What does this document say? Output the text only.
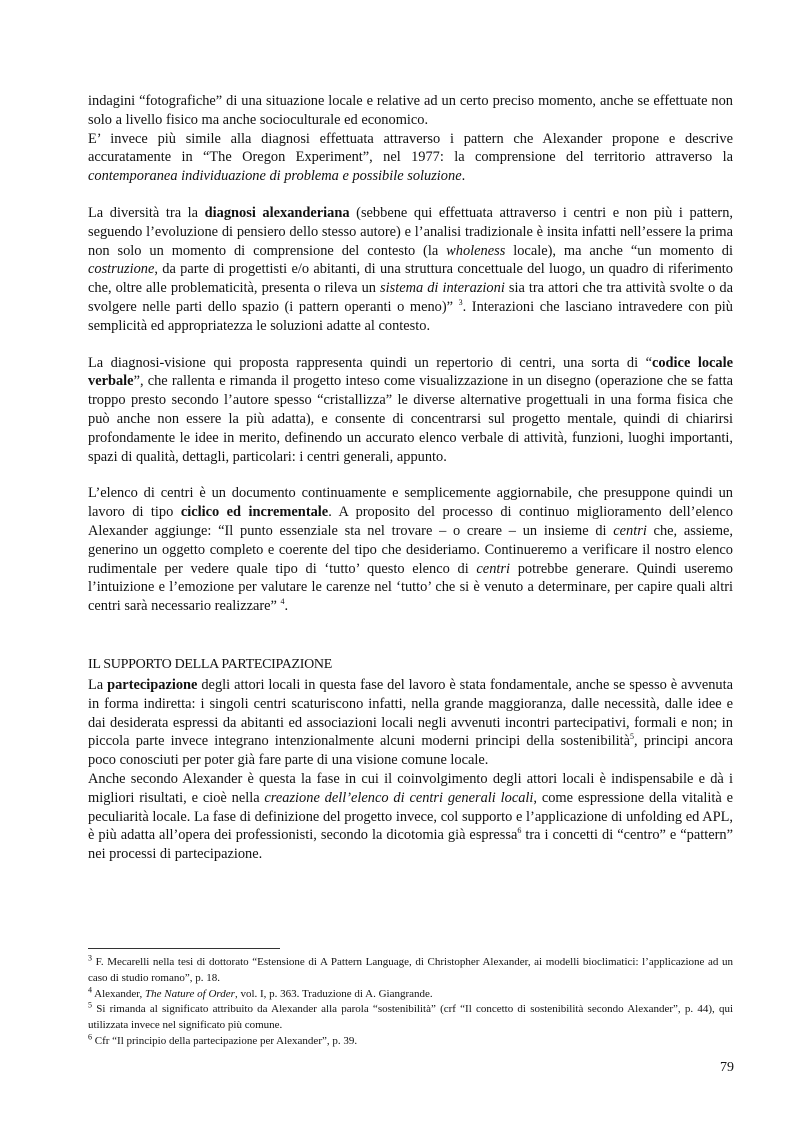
indagini “fotografiche” di una situazione locale e relative ad un certo preciso momento, anche se effettuate non solo a livello fisico ma anche socioculturale ed economico.

E’ invece più simile alla diagnosi effettuata attraverso i pattern che Alexander propone e descrive accuratamente in “The Oregon Experiment”, nel 1977: la comprensione del territorio attraverso la contemporanea individuazione di problema e possibile soluzione.

La diversità tra la diagnosi alexanderiana (sebbene qui effettuata attraverso i centri e non più i pattern, seguendo l’evoluzione di pensiero dello stesso autore) e l’analisi tradizionale è insita infatti nell’essere la prima non solo un momento di comprensione del contesto (la wholeness locale), ma anche “un momento di costruzione, da parte di progettisti e/o abitanti, di una struttura concettuale del luogo, un quadro di riferimento che, oltre alle problematicità, presenta o rileva un sistema di interazioni sia tra attori che tra attività svolte o da svolgere nelle parti dello spazio (i pattern operanti o meno)” $^3$. Interazioni che lasciano intravedere con più semplicità ed appropriatezza le soluzioni adatte al contesto.

La diagnosi-visione qui proposta rappresenta quindi un repertorio di centri, una sorta di “codice locale verbale”, che rallenta e rimanda il progetto inteso come visualizzazione in un disegno (operazione che se fatta troppo presto secondo l’autore spesso “cristallizza” le diverse alternative progettuali in una forma fisica che può anche non essere la più adatta), e consente di concentrarsi sul progetto mentale, quindi di chiarirsi profondamente le idee in merito, definendo un accurato elenco verbale di attività, funzioni, luoghi importanti, spazi di qualità, dettagli, particolari: i centri generali, appunto.

L’elenco di centri è un documento continuamente e semplicemente aggiornabile, che presuppone quindi un lavoro di tipo ciclico ed incrementale. A proposito del processo di continuo miglioramento dell’elenco Alexander aggiunge: “Il punto essenziale sta nel trovare – o creare – un insieme di centri che, assieme, generino un oggetto completo e coerente del tipo che desideriamo. Continueremo a verificare il nostro elenco rudimentale per vedere quale tipo di ‘tutto’ questo elenco di centri potrebbe generare. Quindi useremo l’intuizione e l’emozione per valutare le carenze nel ‘tutto’ che si è venuto a determinare, per capire quali altri centri sarà necessario realizzare” $^4$.

IL SUPPORTO DELLA PARTECIPAZIONE

La partecipazione degli attori locali in questa fase del lavoro è stata fondamentale, anche se spesso è avvenuta in forma indiretta: i singoli centri scaturiscono infatti, nella grande maggioranza, dalle necessità, dalle idee e dai desiderata espressi da abitanti ed associazioni locali negli avvenuti incontri partecipativi, formali e non; in piccola parte invece integrano intenzionalmente alcuni moderni principi della sostenibilità$^5$, principi ancora poco conosciuti per poter già fare parte di una visione comune locale.

Anche secondo Alexander è questa la fase in cui il coinvolgimento degli attori locali è indispensabile e dà i migliori risultati, e cioè nella creazione dell’elenco di centri generali locali, come espressione della vitalità e peculiarità locale. La fase di definizione del progetto invece, col supporto e l’applicazione di unfolding ed APL, è più adatta all’opera dei professionisti, secondo la dicotomia già espressa$^6$ tra i concetti di “centro” e “pattern” nei processi di partecipazione.

$^3$ F. Mecarelli nella tesi di dottorato “Estensione di A Pattern Language, di Christopher Alexander, ai modelli bioclimatici: l’applicazione ad un caso di studio romano”, p. 18.

$^4$ Alexander, The Nature of Order, vol. I, p. 363. Traduzione di A. Giangrande.

$^5$ Si rimanda al significato attribuito da Alexander alla parola “sostenibilità” (crf “Il concetto di sostenibilità secondo Alexander”, p. 44), qui utilizzata invece nel significato più comune.

$^6$ Cfr “Il principio della partecipazione per Alexander”, p. 39.

79
